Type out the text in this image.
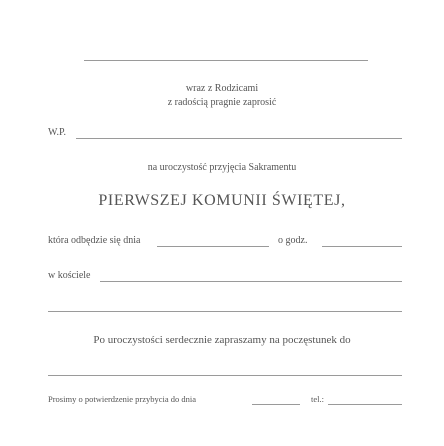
wraz z Rodzicami
z radością pragnie zaprosić
W.P.
na uroczystość przyjęcia Sakramentu
PIERWSZEJ KOMUNII ŚWIĘTEJ,
która odbędzie się dnia	o godz.
w kościele
Po uroczystości serdecznie zapraszamy na poczęstunek do
Prosimy o potwierdzenie przybycia do dnia	tel.:
